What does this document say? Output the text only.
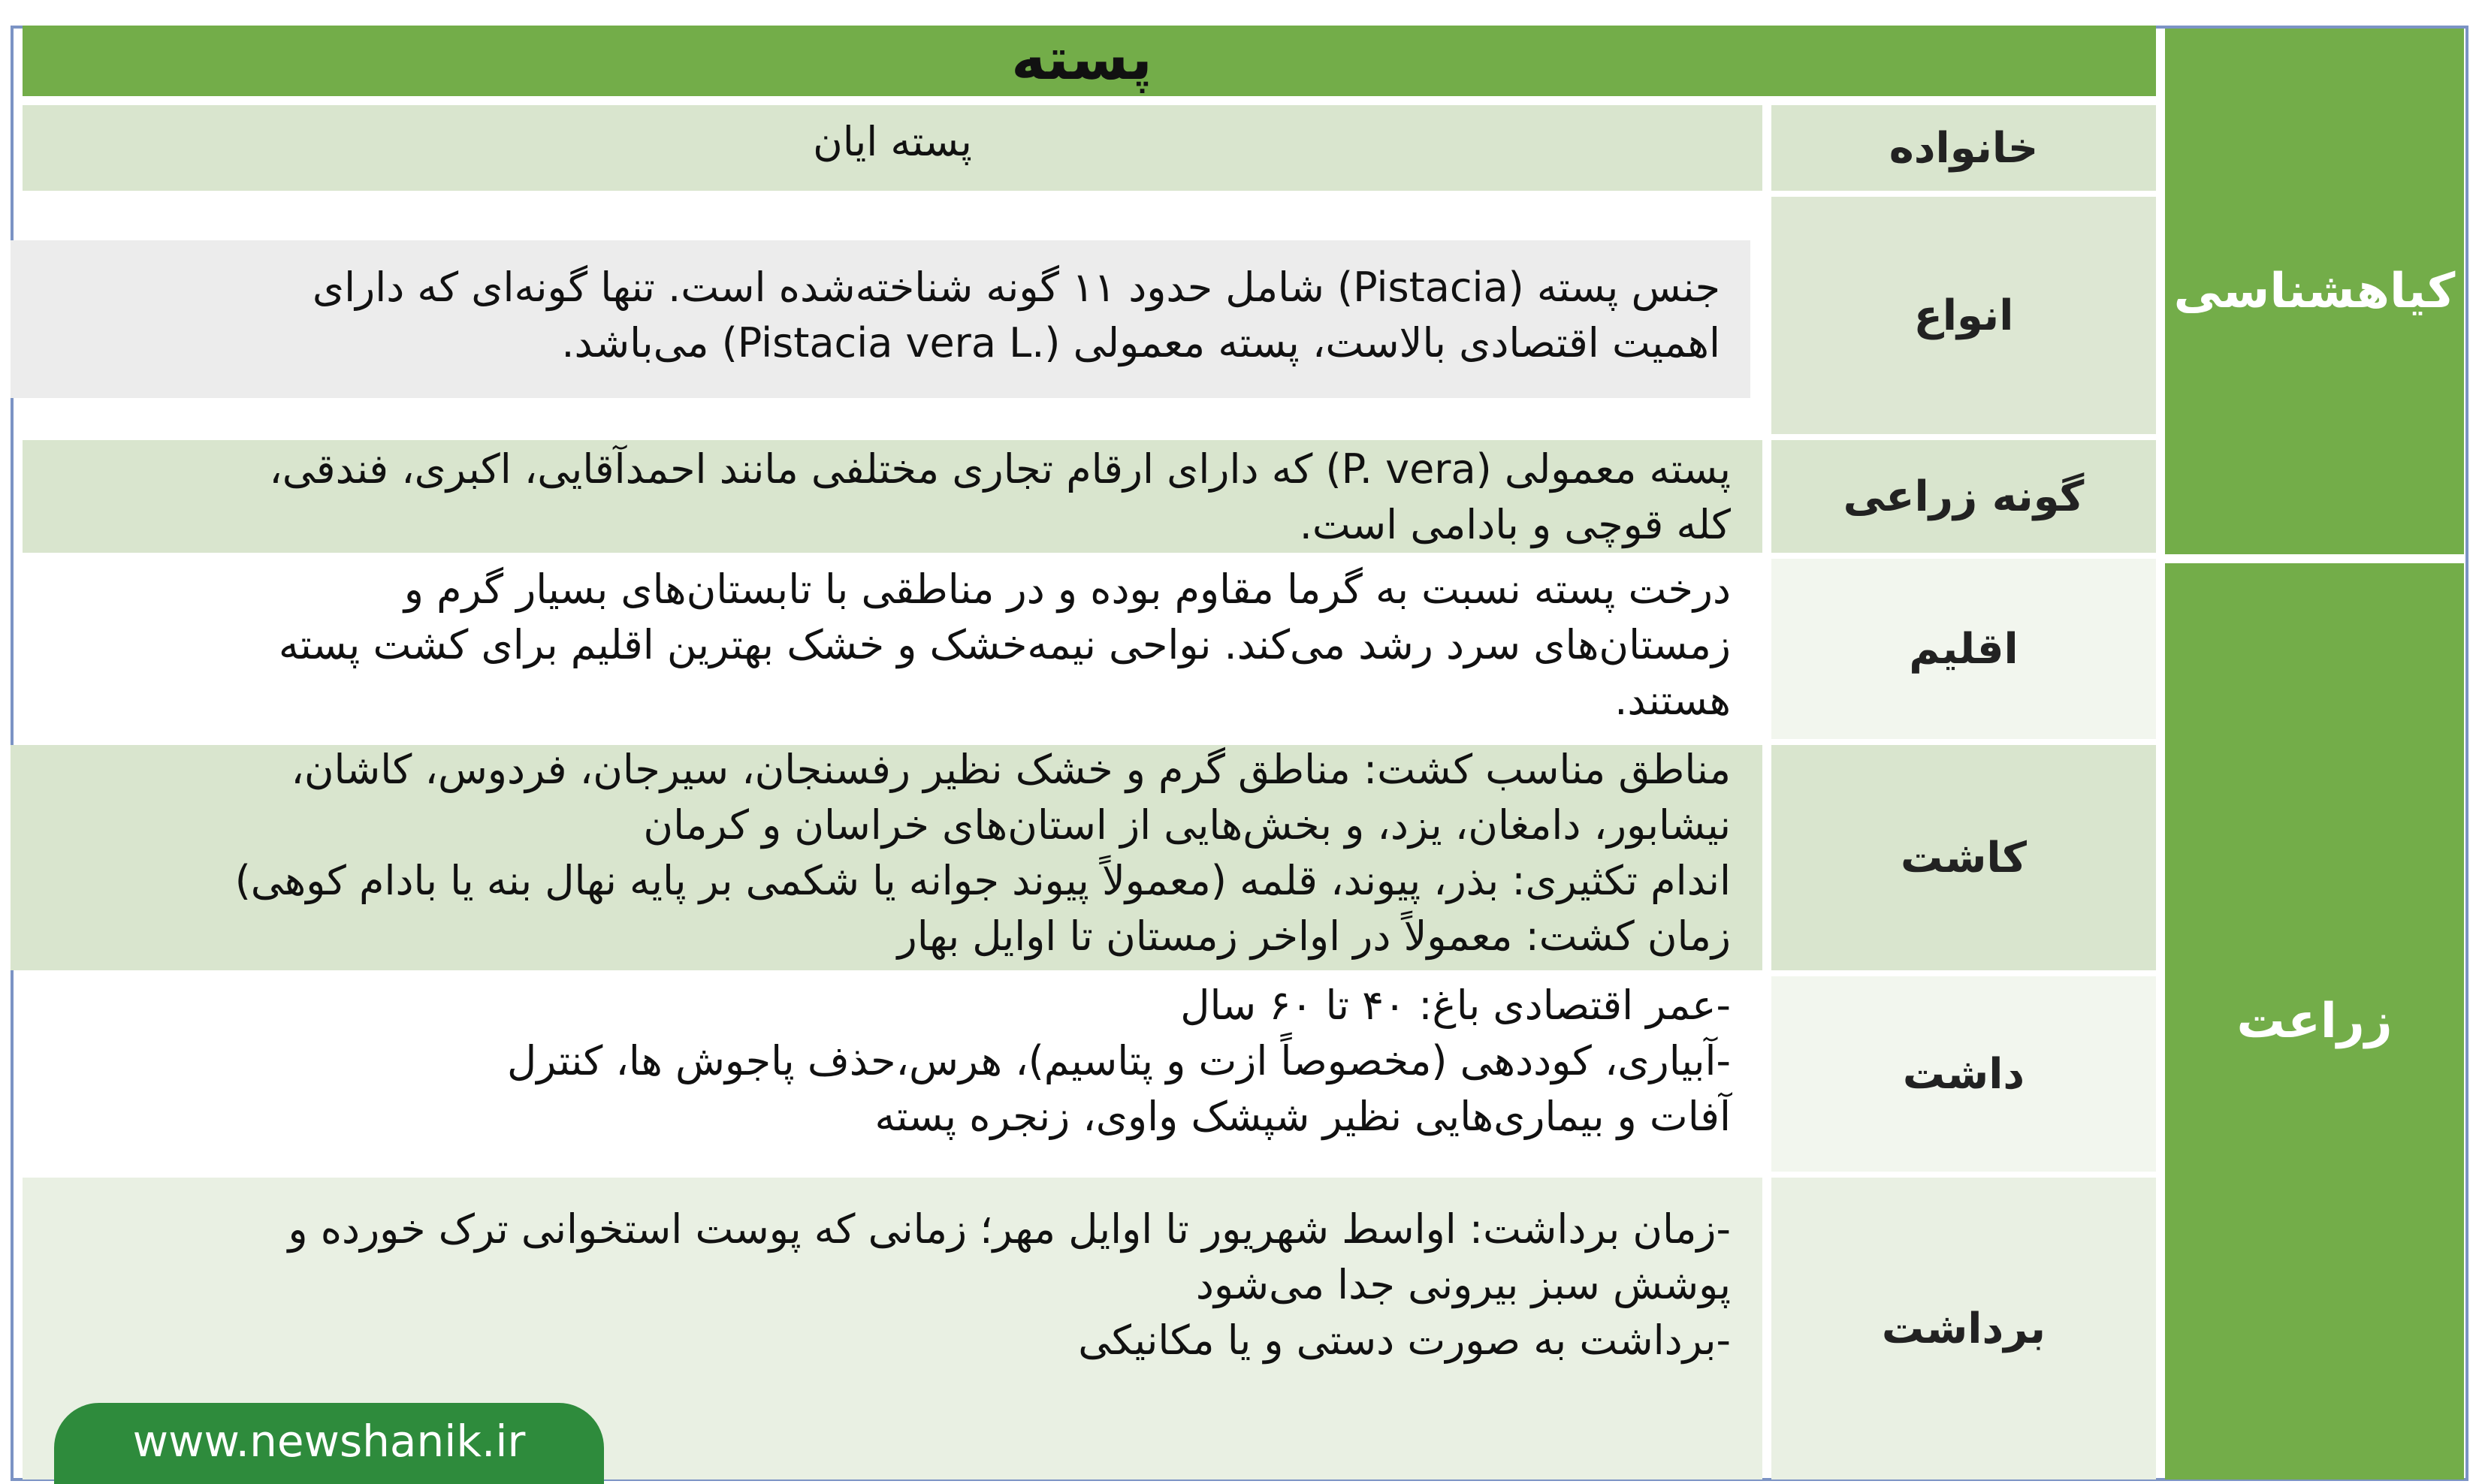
پسته
کیاهشناسی
زراعت
خانواده

پسته ایان

انواع

جنس پسته (Pistacia) شامل حدود ۱۱ گونه شناخته‌شده است. تنها گونه‌ای که دارای

اهمیت اقتصادی بالاست، پسته معمولی (.Pistacia vera L) می‌باشد.

گونه زراعی

پسته معمولی (P. vera) که دارای ارقام تجاری مختلفی مانند احمدآقایی، اکبری، فندقی،

کله قوچی و بادامی است.

اقلیم

درخت پسته نسبت به گرما مقاوم بوده و در مناطقی با تابستان‌های بسیار گرم و

زمستان‌های سرد رشد می‌کند. نواحی نیمه‌خشک و خشک بهترین اقلیم برای کشت پسته

هستند.

کاشت

مناطق مناسب کشت: مناطق گرم و خشک نظیر رفسنجان، سیرجان، فردوس، کاشان،

نیشابور، دامغان، یزد، و بخش‌هایی از استان‌های خراسان و کرمان

اندام تکثیری: بذر، پیوند، قلمه (معمولاً پیوند جوانه یا شکمی بر پایه نهال بنه یا بادام کوهی)

زمان کشت: معمولاً در اواخر زمستان تا اوایل بهار

داشت

-عمر اقتصادی باغ: ۴۰ تا ۶۰ سال

-آبیاری، کوددهی (مخصوصاً ازت و پتاسیم)، هرس،حذف پاجوش ها، کنترل

آفات و بیماری‌هایی نظیر شپشک واوی، زنجره پسته

برداشت

-زمان برداشت: اواسط شهریور تا اوایل مهر؛ زمانی که پوست استخوانی ترک خورده و

پوشش سبز بیرونی جدا می‌شود

-برداشت به صورت دستی و یا مکانیکی

www.newshanik.ir
